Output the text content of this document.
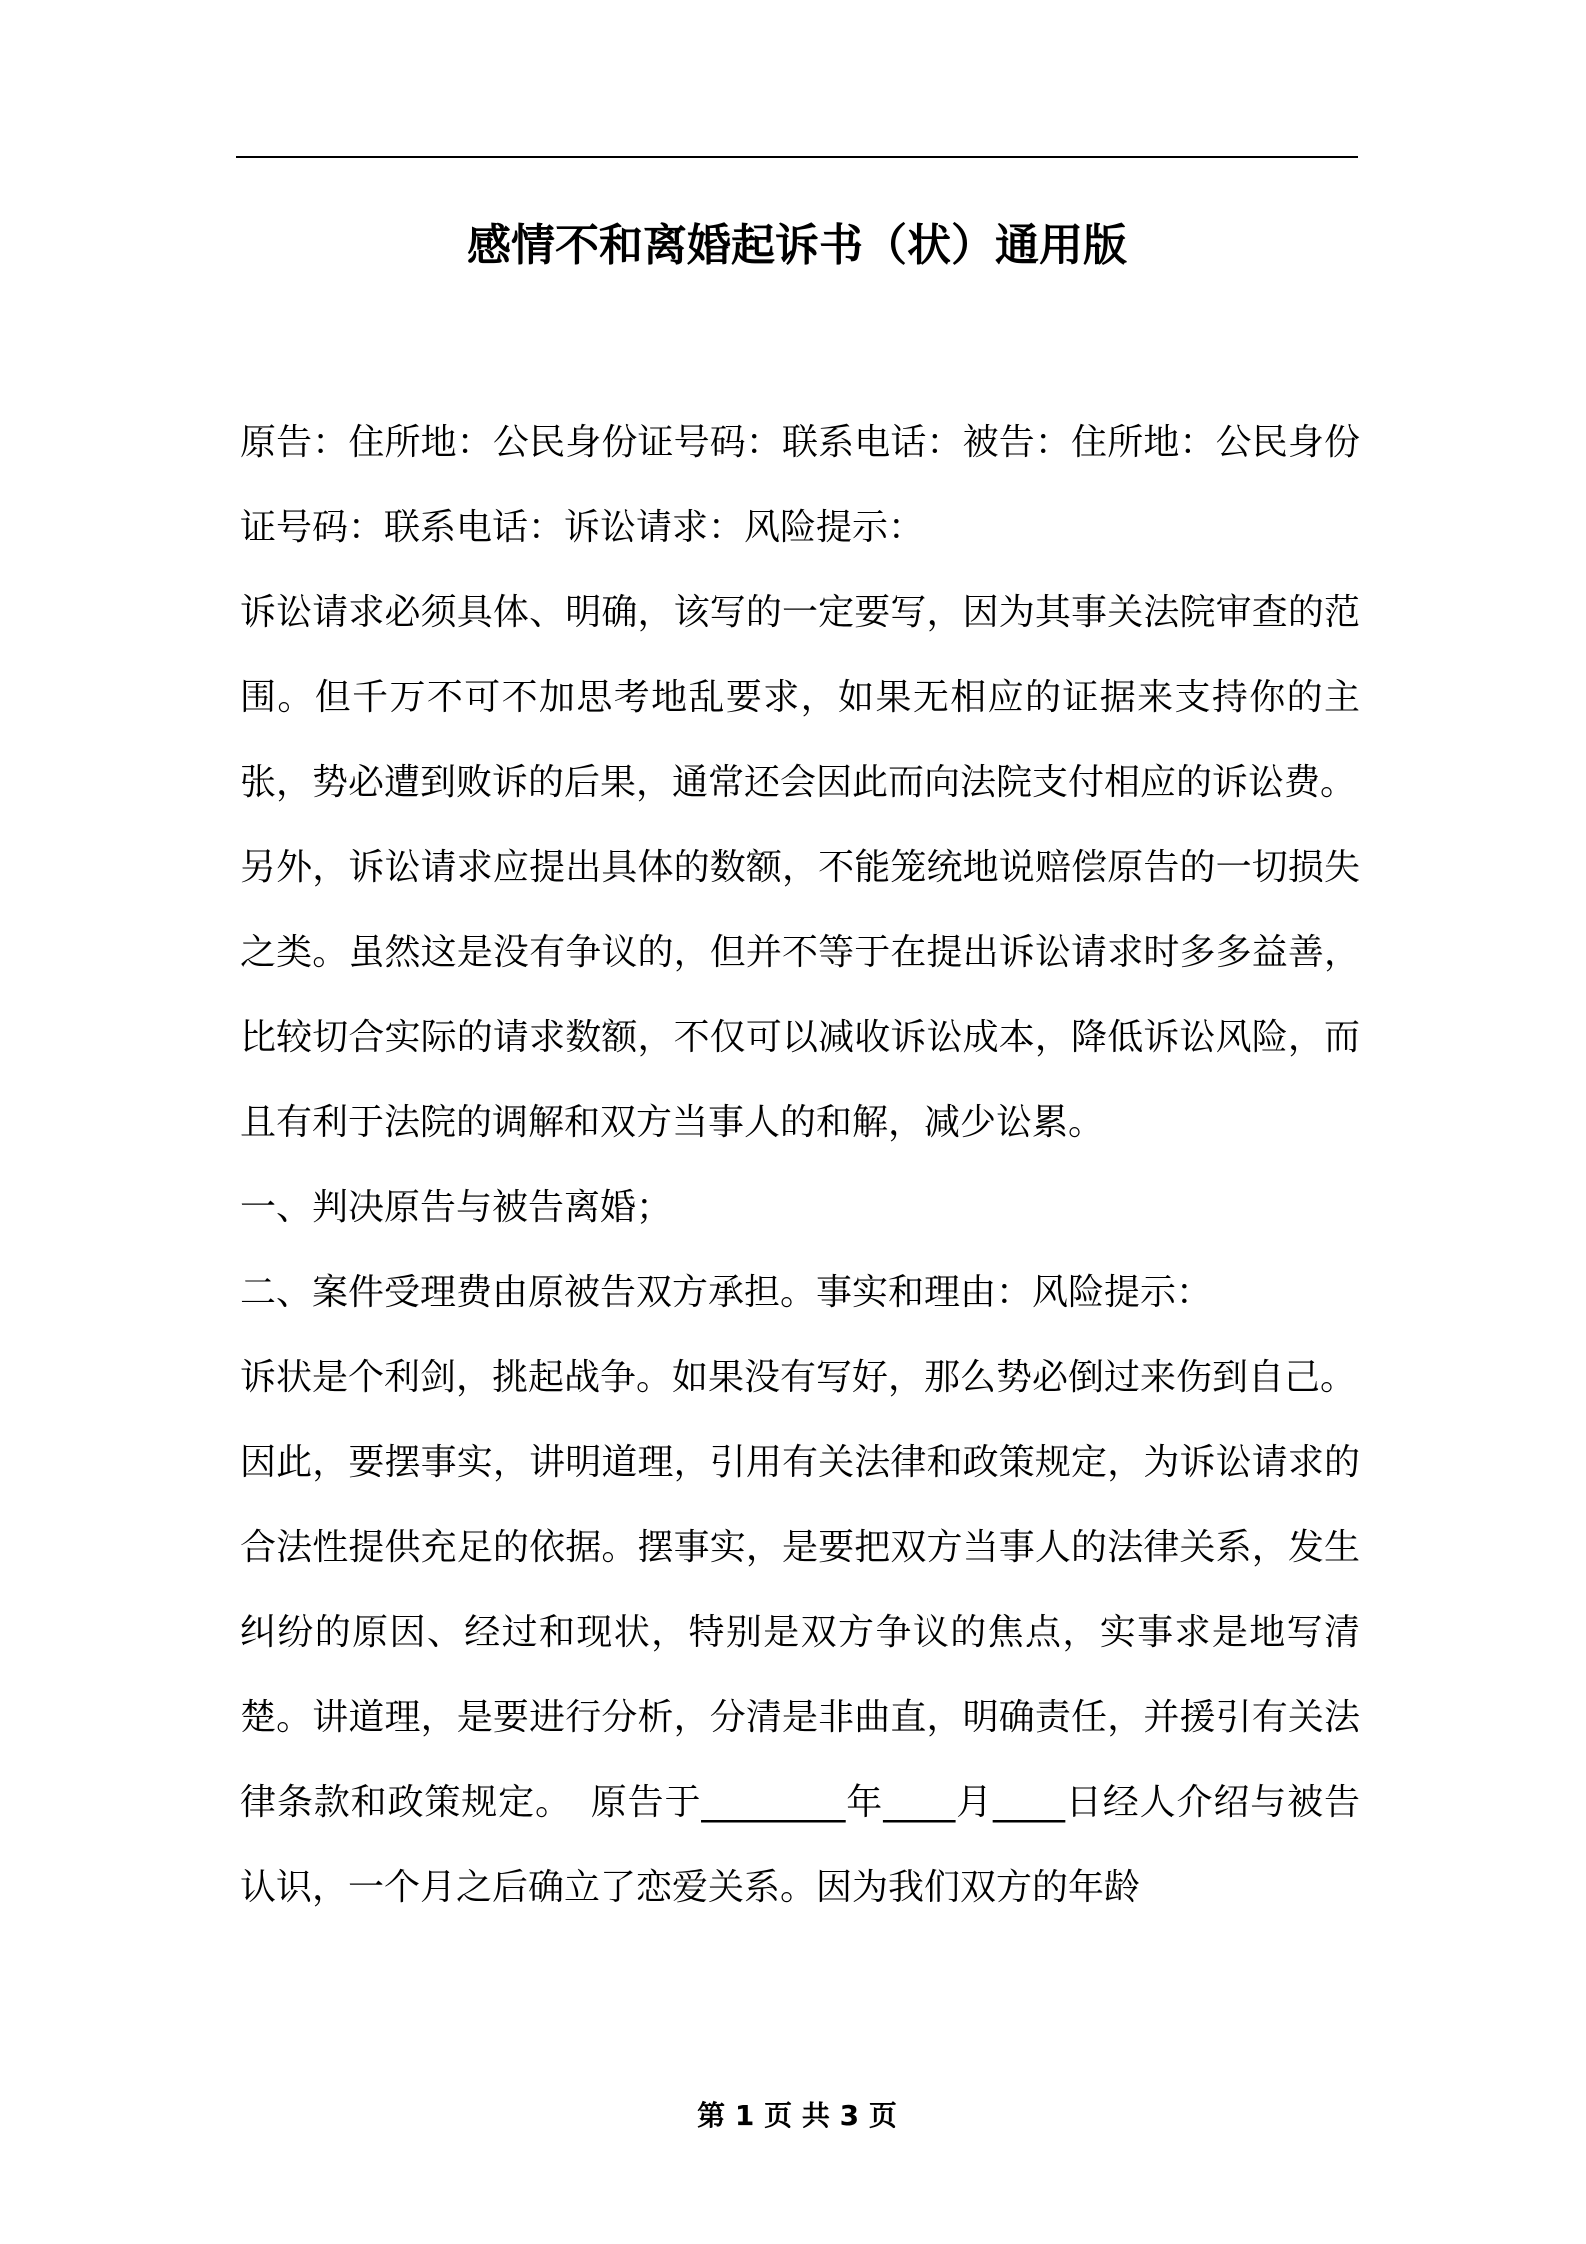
感情不和离婚起诉书（状）通用版

原告：住所地：公民身份证号码：联系电话：被告：住所地：公民身份证号码：联系电话：诉讼请求：风险提示：

诉讼请求必须具体、明确，该写的一定要写，因为其事关法院审查的范围。但千万不可不加思考地乱要求，如果无相应的证据来支持你的主张，势必遭到败诉的后果，通常还会因此而向法院支付相应的诉讼费。

另外，诉讼请求应提出具体的数额，不能笼统地说赔偿原告的一切损失之类。虽然这是没有争议的，但并不等于在提出诉讼请求时多多益善，比较切合实际的请求数额，不仅可以减收诉讼成本，降低诉讼风险，而且有利于法院的调解和双方当事人的和解，减少讼累。

一、判决原告与被告离婚；

二、案件受理费由原被告双方承担。事实和理由：风险提示：

诉状是个利剑，挑起战争。如果没有写好，那么势必倒过来伤到自己。

因此，要摆事实，讲明道理，引用有关法律和政策规定，为诉讼请求的合法性提供充足的依据。摆事实，是要把双方当事人的法律关系，发生纠纷的原因、经过和现状，特别是双方争议的焦点，实事求是地写清楚。讲道理，是要进行分析，分清是非曲直，明确责任，并援引有关法律条款和政策规定。　原告于________年____月____日经人介绍与被告认识，一个月之后确立了恋爱关系。因为我们双方的年龄

第 1 页 共 3 页
